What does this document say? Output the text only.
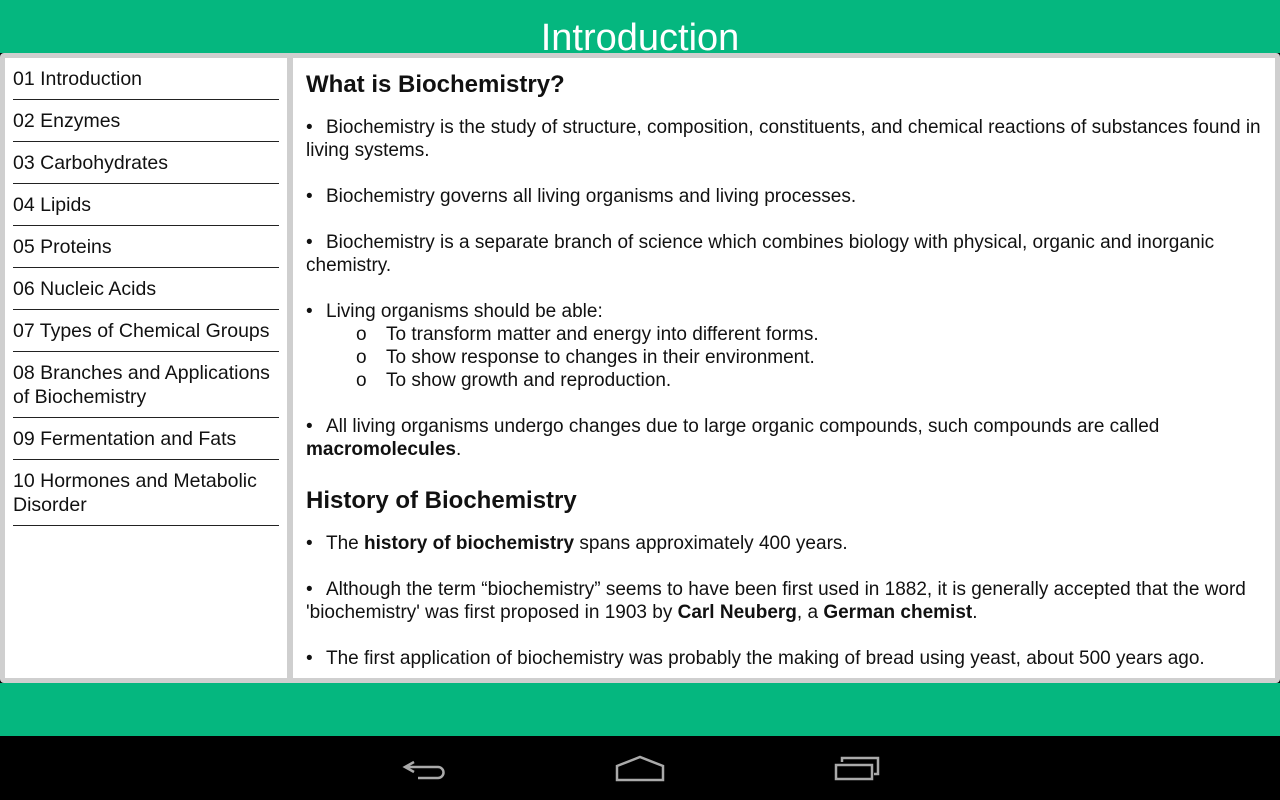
Introduction
01 Introduction
02 Enzymes
03 Carbohydrates
04 Lipids
05 Proteins
06 Nucleic Acids
07 Types of Chemical Groups
08 Branches and Applications of Biochemistry
09 Fermentation and Fats
10 Hormones and Metabolic Disorder
What is Biochemistry?

• Biochemistry is the study of structure, composition, constituents, and chemical reactions of substances found in living systems.

• Biochemistry governs all living organisms and living processes.

• Biochemistry is a separate branch of science which combines biology with physical, organic and inorganic chemistry.

• Living organisms should be able:
o To transform matter and energy into different forms.
o To show response to changes in their environment.
o To show growth and reproduction.

• All living organisms undergo changes due to large organic compounds, such compounds are called macromolecules.

History of Biochemistry

• The history of biochemistry spans approximately 400 years.

• Although the term “biochemistry” seems to have been first used in 1882, it is generally accepted that the word 'biochemistry' was first proposed in 1903 by Carl Neuberg, a German chemist.

• The first application of biochemistry was probably the making of bread using yeast, about 500 years ago.
